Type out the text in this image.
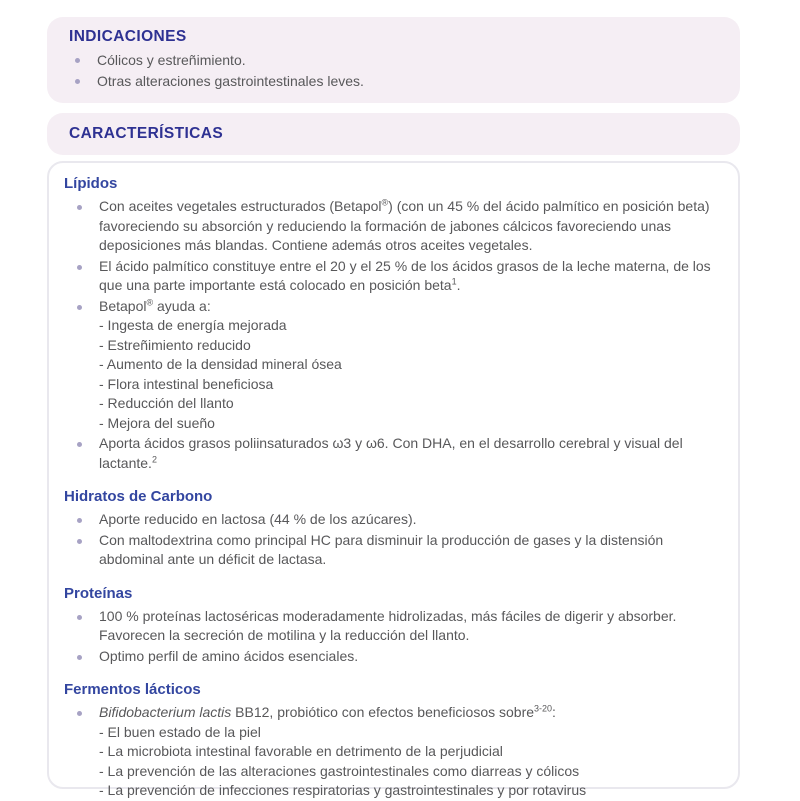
INDICACIONES
Cólicos y estreñimiento.
Otras alteraciones gastrointestinales leves.
CARACTERÍSTICAS
Lípidos
Con aceites vegetales estructurados (Betapol®) (con un 45 % del ácido palmítico en posición beta) favoreciendo su absorción y reduciendo la formación de jabones cálcicos favoreciendo unas deposiciones más blandas. Contiene además otros aceites vegetales.
El ácido palmítico constituye entre el 20 y el 25 % de los ácidos grasos de la leche materna, de los que una parte importante está colocado en posición beta$^1$.
Betapol® ayuda a:
- Ingesta de energía mejorada
- Estreñimiento reducido
- Aumento de la densidad mineral ósea
- Flora intestinal beneficiosa
- Reducción del llanto
- Mejora del sueño
Aporta ácidos grasos poliinsaturados ω3 y ω6. Con DHA, en el desarrollo cerebral y visual del lactante.$^2$
Hidratos de Carbono
Aporte reducido en lactosa (44 % de los azúcares).
Con maltodextrina como principal HC para disminuir la producción de gases y la distensión abdominal ante un déficit de lactasa.
Proteínas
100 % proteínas lactoséricas moderadamente hidrolizadas, más fáciles de digerir y absorber. Favorecen la secreción de motilina y la reducción del llanto.
Optimo perfil de amino ácidos esenciales.
Fermentos lácticos
Bifidobacterium lactis BB12, probiótico con efectos beneficiosos sobre$^{3-20}$:
- El buen estado de la piel
- La microbiota intestinal favorable en detrimento de la perjudicial
- La prevención de las alteraciones gastrointestinales como diarreas y cólicos
- La prevención de infecciones respiratorias y gastrointestinales y por rotavirus
